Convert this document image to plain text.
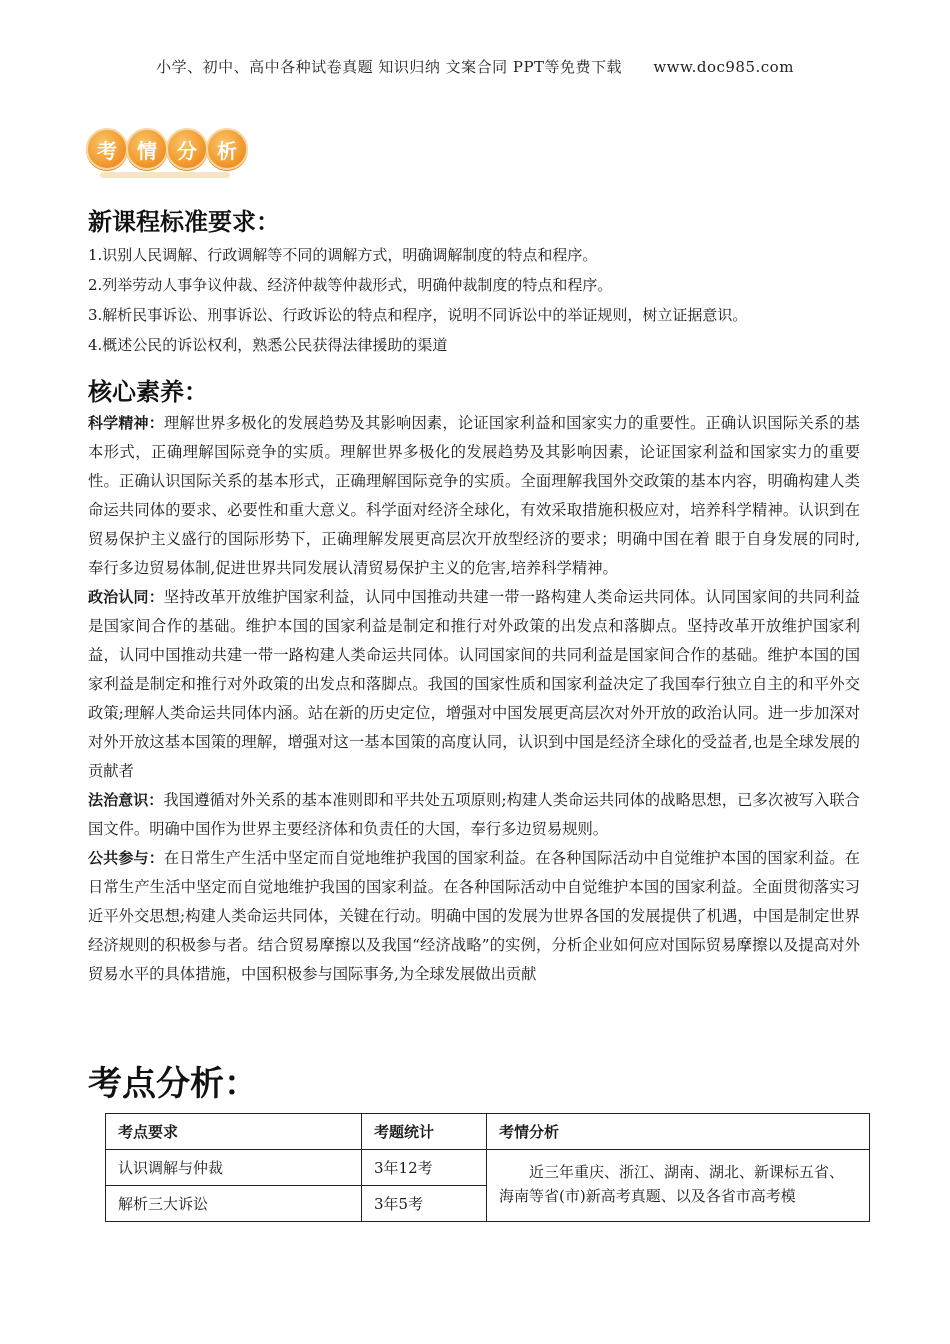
小学、初中、高中各种试卷真题 知识归纳 文案合同 PPT等免费下载 www.doc985.com
考	情	分	析
新课程标准要求：
1.识别人民调解、行政调解等不同的调解方式，明确调解制度的特点和程序。
2.列举劳动人事争议仲裁、经济仲裁等仲裁形式，明确仲裁制度的特点和程序。
3.解析民事诉讼、刑事诉讼、行政诉讼的特点和程序，说明不同诉讼中的举证规则，树立证据意识。
4.概述公民的诉讼权利，熟悉公民获得法律援助的渠道
核心素养：

科学精神：理解世界多极化的发展趋势及其影响因素，论证国家利益和国家实力的重要性。正确认识国际关系的基本形式，正确理解国际竞争的实质。理解世界多极化的发展趋势及其影响因素，论证国家利益和国家实力的重要性。正确认识国际关系的基本形式，正确理解国际竞争的实质。全面理解我国外交政策的基本内容，明确构建人类命运共同体的要求、必要性和重大意义。科学面对经济全球化，有效采取措施积极应对，培养科学精神。认识到在贸易保护主义盛行的国际形势下，正确理解发展更高层次开放型经济的要求；明确中国在着 眼于自身发展的同时,奉行多边贸易体制,促进世界共同发展认清贸易保护主义的危害,培养科学精神。

政治认同：坚持改革开放维护国家利益，认同中国推动共建一带一路构建人类命运共同体。认同国家间的共同利益是国家间合作的基础。维护本国的国家利益是制定和推行对外政策的出发点和落脚点。坚持改革开放维护国家利益，认同中国推动共建一带一路构建人类命运共同体。认同国家间的共同利益是国家间合作的基础。维护本国的国家利益是制定和推行对外政策的出发点和落脚点。我国的国家性质和国家利益决定了我国奉行独立自主的和平外交政策;理解人类命运共同体内涵。站在新的历史定位，增强对中国发展更高层次对外开放的政治认同。进一步加深对对外开放这基本国策的理解，增强对这一基本国策的高度认同，认识到中国是经济全球化的受益者,也是全球发展的贡献者

法治意识：我国遵循对外关系的基本准则即和平共处五项原则;构建人类命运共同体的战略思想，已多次被写入联合国文件。明确中国作为世界主要经济体和负责任的大国，奉行多边贸易规则。

公共参与：在日常生产生活中坚定而自觉地维护我国的国家利益。在各种国际活动中自觉维护本国的国家利益。在日常生产生活中坚定而自觉地维护我国的国家利益。在各种国际活动中自觉维护本国的国家利益。全面贯彻落实习近平外交思想;构建人类命运共同体，关键在行动。明确中国的发展为世界各国的发展提供了机遇，中国是制定世界经济规则的积极参与者。结合贸易摩擦以及我国“经济战略”的实例，分析企业如何应对国际贸易摩擦以及提高对外贸易水平的具体措施，中国积极参与国际事务,为全球发展做出贡献

考点分析：
考点要求	考题统计	考情分析
认识调解与仲裁	3年12考	近三年重庆、浙江、湖南、湖北、新课标五省、海南等省(市)新高考真题、以及各省市高考模
解析三大诉讼	3年5考	
